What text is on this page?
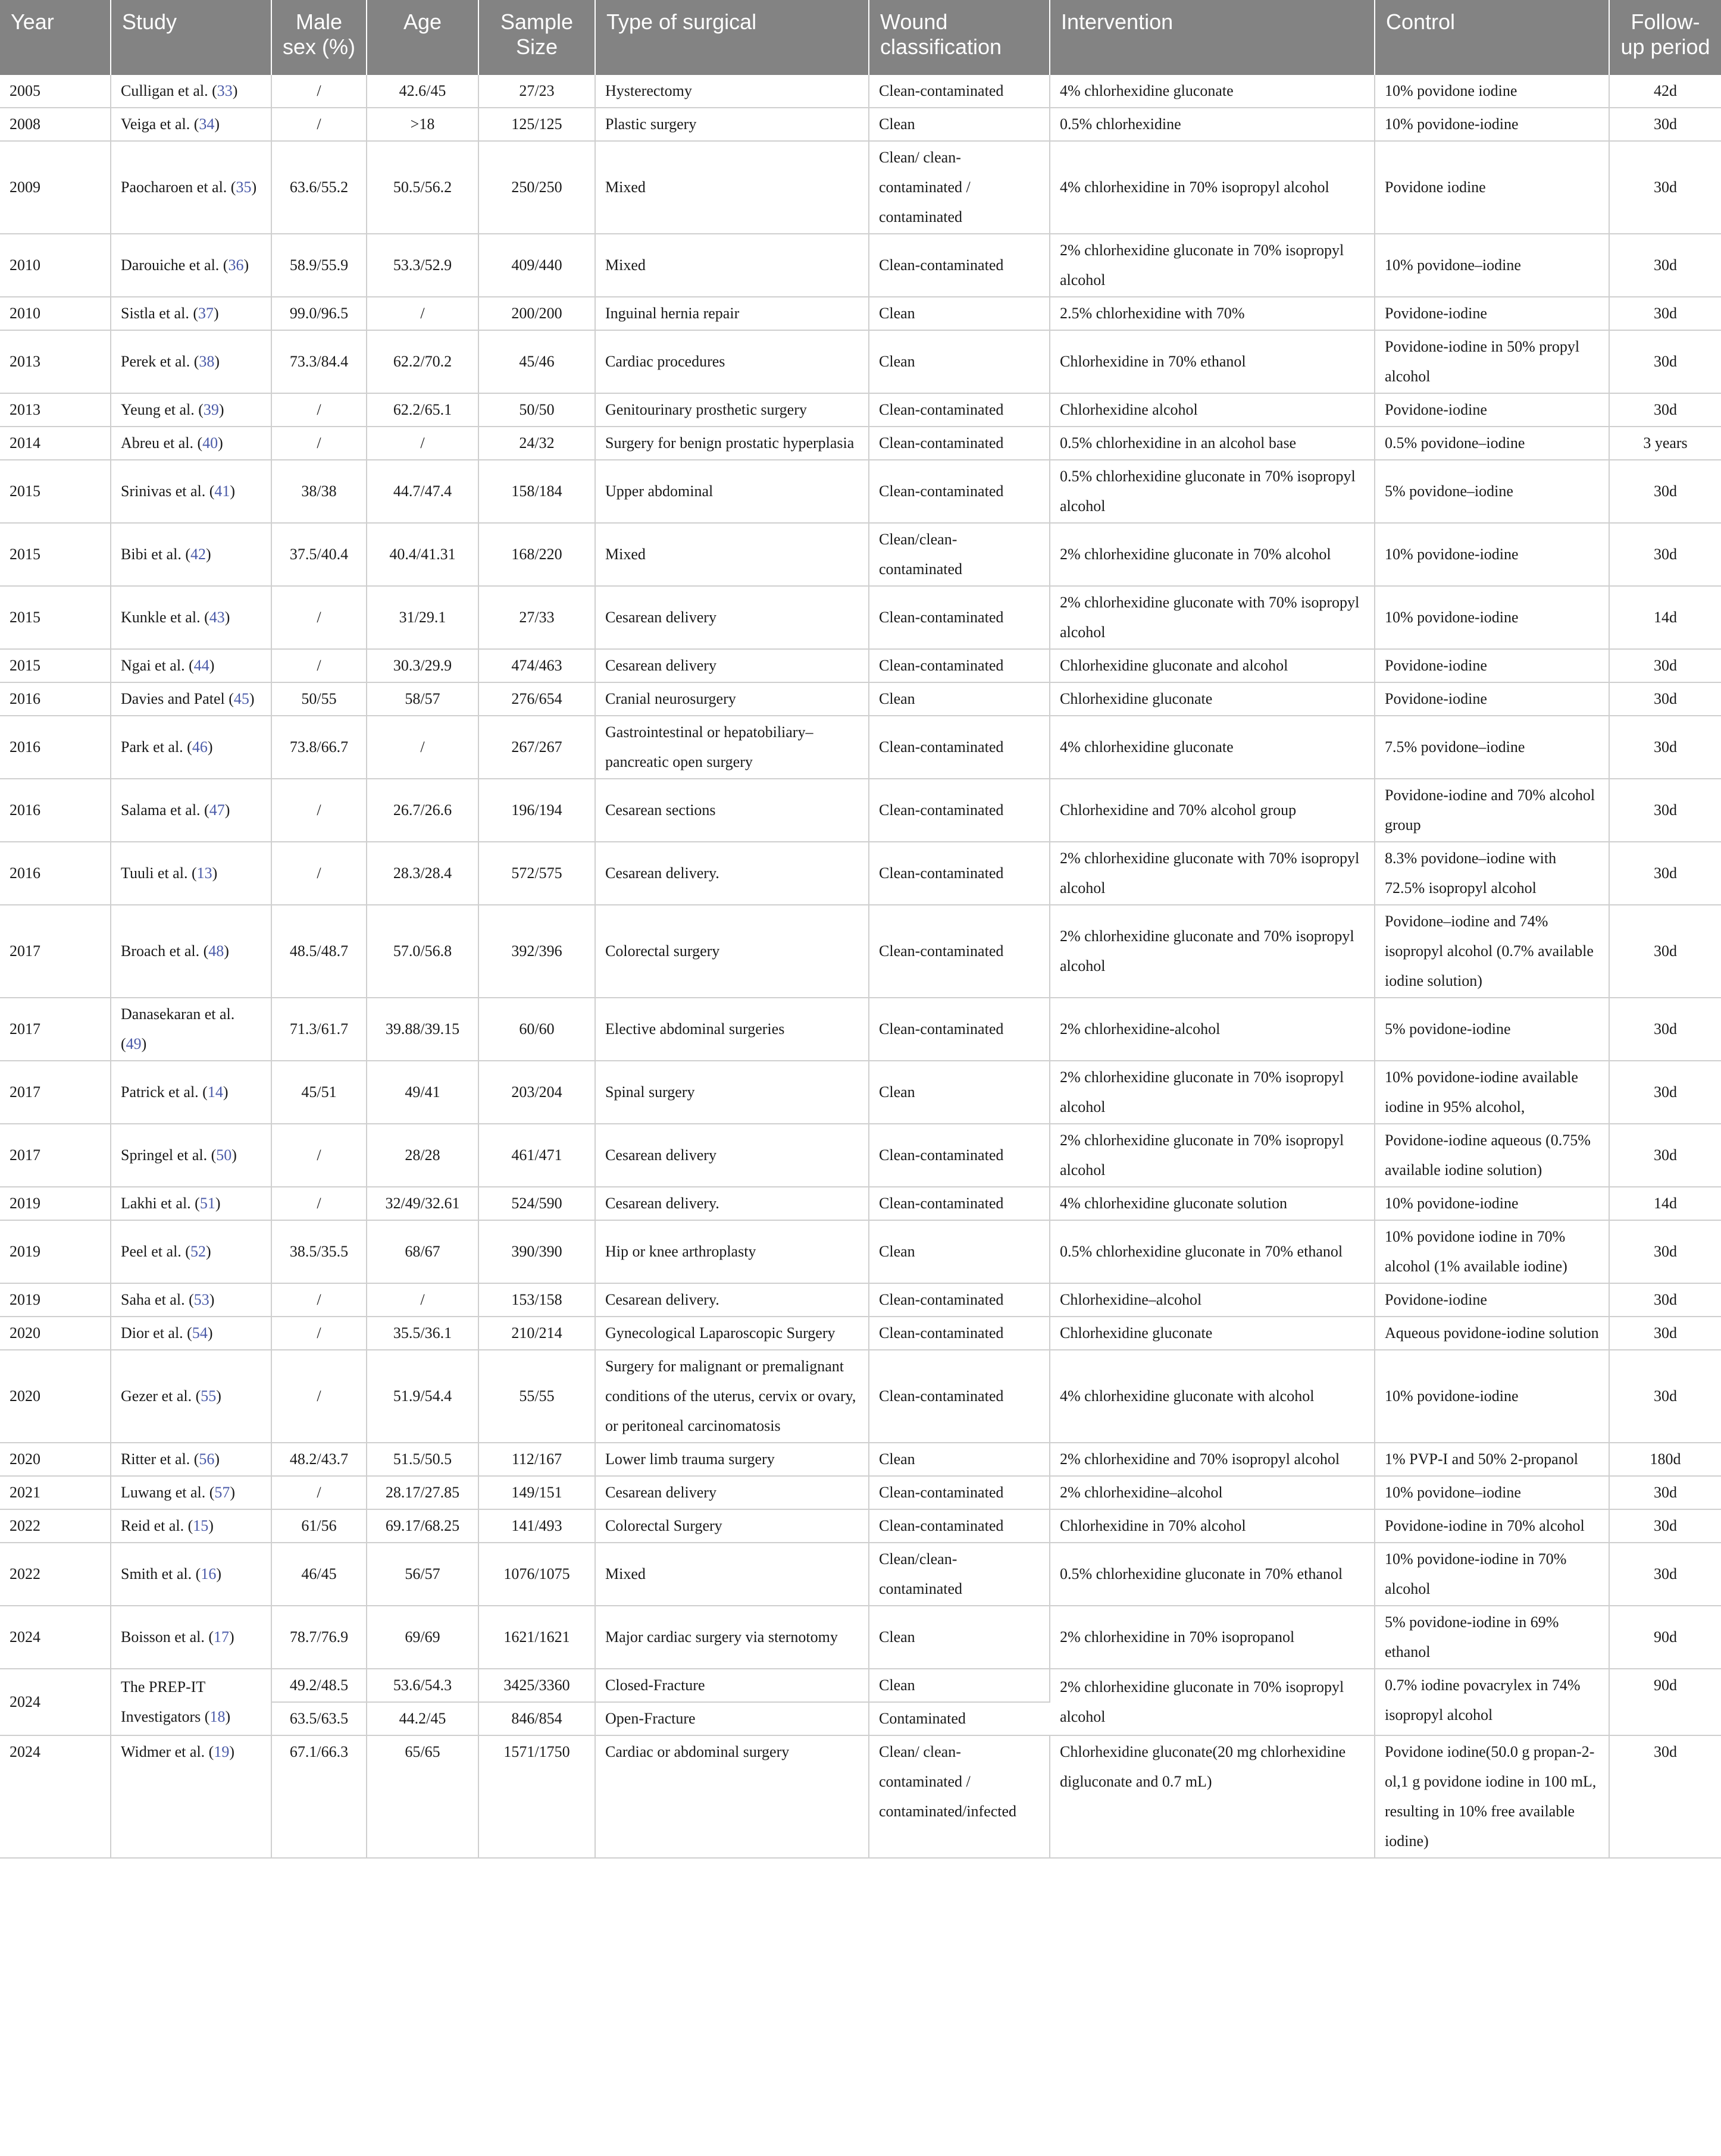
Year	Study	Male sex (%)	Age	Sample Size	Type of surgical	Wound classification	Intervention	Control	Follow-up period
2005	Culligan et al. (33)	/	42.6/45	27/23	Hysterectomy	Clean-contaminated	4% chlorhexidine gluconate	10% povidone iodine	42d
2008	Veiga et al. (34)	/	>18	125/125	Plastic surgery	Clean	0.5% chlorhexidine	10% povidone-iodine	30d
2009	Paocharoen et al. (35)	63.6/55.2	50.5/56.2	250/250	Mixed	Clean/ clean-contaminated / contaminated	4% chlorhexidine in 70% isopropyl alcohol	Povidone iodine	30d
2010	Darouiche et al. (36)	58.9/55.9	53.3/52.9	409/440	Mixed	Clean-contaminated	2% chlorhexidine gluconate in 70% isopropyl alcohol	10% povidone–iodine	30d
2010	Sistla et al. (37)	99.0/96.5	/	200/200	Inguinal hernia repair	Clean	2.5% chlorhexidine with 70%	Povidone-iodine	30d
2013	Perek et al. (38)	73.3/84.4	62.2/70.2	45/46	Cardiac procedures	Clean	Chlorhexidine in 70% ethanol	Povidone-iodine in 50% propyl alcohol	30d
2013	Yeung et al. (39)	/	62.2/65.1	50/50	Genitourinary prosthetic surgery	Clean-contaminated	Chlorhexidine alcohol	Povidone-iodine	30d
2014	Abreu et al. (40)	/	/	24/32	Surgery for benign prostatic hyperplasia	Clean-contaminated	0.5% chlorhexidine in an alcohol base	0.5% povidone–iodine	3 years
2015	Srinivas et al. (41)	38/38	44.7/47.4	158/184	Upper abdominal	Clean-contaminated	0.5% chlorhexidine gluconate in 70% isopropyl alcohol	5% povidone–iodine	30d
2015	Bibi et al. (42)	37.5/40.4	40.4/41.31	168/220	Mixed	Clean/clean-contaminated	2% chlorhexidine gluconate in 70% alcohol	10% povidone-iodine	30d
2015	Kunkle et al. (43)	/	31/29.1	27/33	Cesarean delivery	Clean-contaminated	2% chlorhexidine gluconate with 70% isopropyl alcohol	10% povidone-iodine	14d
2015	Ngai et al. (44)	/	30.3/29.9	474/463	Cesarean delivery	Clean-contaminated	Chlorhexidine gluconate and alcohol	Povidone-iodine	30d
2016	Davies and Patel (45)	50/55	58/57	276/654	Cranial neurosurgery	Clean	Chlorhexidine gluconate	Povidone-iodine	30d
2016	Park et al. (46)	73.8/66.7	/	267/267	Gastrointestinal or hepatobiliary–pancreatic open surgery	Clean-contaminated	4% chlorhexidine gluconate	7.5% povidone–iodine	30d
2016	Salama et al. (47)	/	26.7/26.6	196/194	Cesarean sections	Clean-contaminated	Chlorhexidine and 70% alcohol group	Povidone-iodine and 70% alcohol group	30d
2016	Tuuli et al. (13)	/	28.3/28.4	572/575	Cesarean delivery.	Clean-contaminated	2% chlorhexidine gluconate with 70% isopropyl alcohol	8.3% povidone–iodine with 72.5% isopropyl alcohol	30d
2017	Broach et al. (48)	48.5/48.7	57.0/56.8	392/396	Colorectal surgery	Clean-contaminated	2% chlorhexidine gluconate and 70% isopropyl alcohol	Povidone–iodine and 74% isopropyl alcohol (0.7% available iodine solution)	30d
2017	Danasekaran et al. (49)	71.3/61.7	39.88/39.15	60/60	Elective abdominal surgeries	Clean-contaminated	2% chlorhexidine-alcohol	5% povidone-iodine	30d
2017	Patrick et al. (14)	45/51	49/41	203/204	Spinal surgery	Clean	2% chlorhexidine gluconate in 70% isopropyl alcohol	10% povidone-iodine available iodine in 95% alcohol,	30d
2017	Springel et al. (50)	/	28/28	461/471	Cesarean delivery	Clean-contaminated	2% chlorhexidine gluconate in 70% isopropyl alcohol	Povidone-iodine aqueous (0.75% available iodine solution)	30d
2019	Lakhi et al. (51)	/	32/49/32.61	524/590	Cesarean delivery.	Clean-contaminated	4% chlorhexidine gluconate solution	10% povidone-iodine	14d
2019	Peel et al. (52)	38.5/35.5	68/67	390/390	Hip or knee arthroplasty	Clean	0.5% chlorhexidine gluconate in 70% ethanol	10% povidone iodine in 70% alcohol (1% available iodine)	30d
2019	Saha et al. (53)	/	/	153/158	Cesarean delivery.	Clean-contaminated	Chlorhexidine–alcohol	Povidone-iodine	30d
2020	Dior et al. (54)	/	35.5/36.1	210/214	Gynecological Laparoscopic Surgery	Clean-contaminated	Chlorhexidine gluconate	Aqueous povidone-iodine solution	30d
2020	Gezer et al. (55)	/	51.9/54.4	55/55	Surgery for malignant or premalignant conditions of the uterus, cervix or ovary, or peritoneal carcinomatosis	Clean-contaminated	4% chlorhexidine gluconate with alcohol	10% povidone-iodine	30d
2020	Ritter et al. (56)	48.2/43.7	51.5/50.5	112/167	Lower limb trauma surgery	Clean	2% chlorhexidine and 70% isopropyl alcohol	1% PVP-I and 50% 2-propanol	180d
2021	Luwang et al. (57)	/	28.17/27.85	149/151	Cesarean delivery	Clean-contaminated	2% chlorhexidine–alcohol	10% povidone–iodine	30d
2022	Reid et al. (15)	61/56	69.17/68.25	141/493	Colorectal Surgery	Clean-contaminated	Chlorhexidine in 70% alcohol	Povidone-iodine in 70% alcohol	30d
2022	Smith et al. (16)	46/45	56/57	1076/1075	Mixed	Clean/clean-contaminated	0.5% chlorhexidine gluconate in 70% ethanol	10% povidone-iodine in 70% alcohol	30d
2024	Boisson et al. (17)	78.7/76.9	69/69	1621/1621	Major cardiac surgery via sternotomy	Clean	2% chlorhexidine in 70% isopropanol	5% povidone-iodine in 69% ethanol	90d
2024	The PREP-IT Investigators (18)	49.2/48.5	53.6/54.3	3425/3360	Closed-Fracture	Clean	2% chlorhexidine gluconate in 70% isopropyl alcohol	0.7% iodine povacrylex in 74% isopropyl alcohol	90d
		63.5/63.5	44.2/45	846/854	Open-Fracture	Contaminated			
2024	Widmer et al. (19)	67.1/66.3	65/65	1571/1750	Cardiac or abdominal surgery	Clean/ clean-contaminated / contaminated/infected	Chlorhexidine gluconate(20 mg chlorhexidine digluconate and 0.7 mL)	Povidone iodine(50.0 g propan-2-ol,1 g povidone iodine in 100 mL, resulting in 10% free available iodine)	30d
